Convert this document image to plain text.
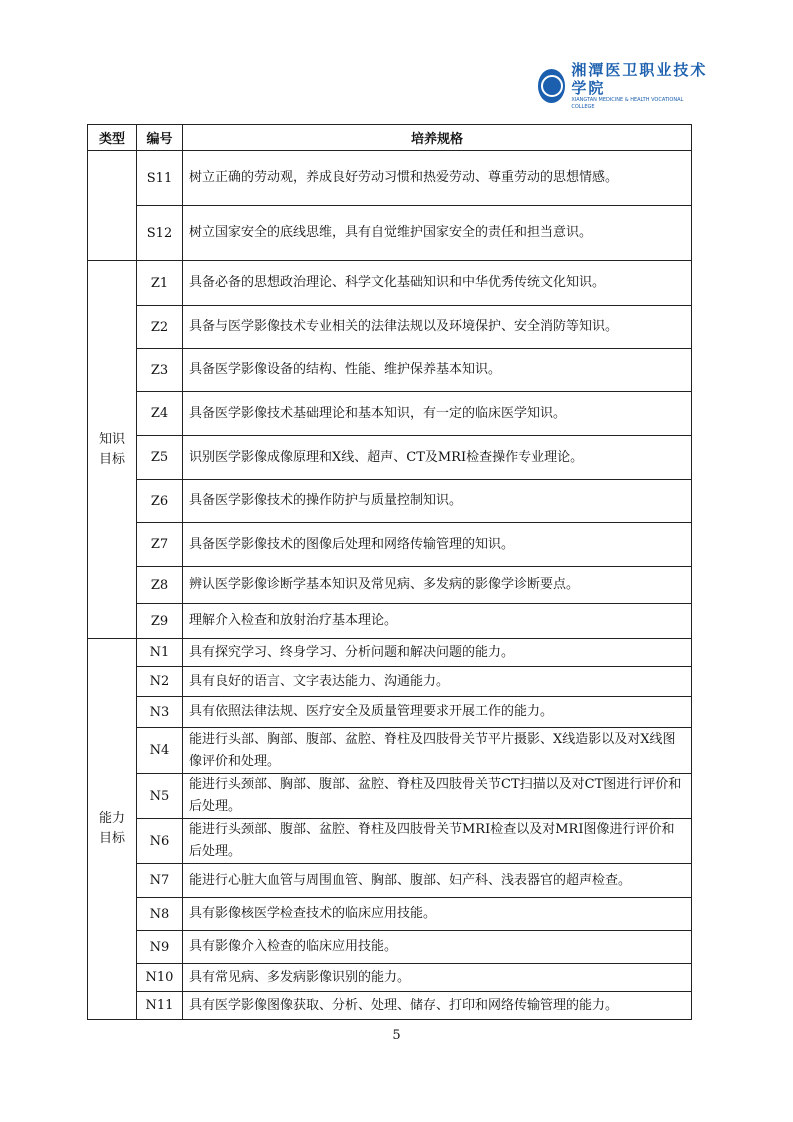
湘潭医卫职业技术学院
XIANGTAN MEDICINE & HEALTH VOCATIONAL COLLEGE
类型	编号	培养规格
	S11	树立正确的劳动观，养成良好劳动习惯和热爱劳动、尊重劳动的思想情感。
	S12	树立国家安全的底线思维，具有自觉维护国家安全的责任和担当意识。
知识
目标	Z1	具备必备的思想政治理论、科学文化基础知识和中华优秀传统文化知识。
	Z2	具备与医学影像技术专业相关的法律法规以及环境保护、安全消防等知识。
	Z3	具备医学影像设备的结构、性能、维护保养基本知识。
	Z4	具备医学影像技术基础理论和基本知识，有一定的临床医学知识。
	Z5	识别医学影像成像原理和X线、超声、CT及MRI检查操作专业理论。
	Z6	具备医学影像技术的操作防护与质量控制知识。
	Z7	具备医学影像技术的图像后处理和网络传输管理的知识。
	Z8	辨认医学影像诊断学基本知识及常见病、多发病的影像学诊断要点。
	Z9	理解介入检查和放射治疗基本理论。
能力
目标	N1	具有探究学习、终身学习、分析问题和解决问题的能力。
	N2	具有良好的语言、文字表达能力、沟通能力。
	N3	具有依照法律法规、医疗安全及质量管理要求开展工作的能力。
	N4	能进行头部、胸部、腹部、盆腔、脊柱及四肢骨关节平片摄影、X线造影以及对X线图像评价和处理。
	N5	能进行头颈部、胸部、腹部、盆腔、脊柱及四肢骨关节CT扫描以及对CT图进行评价和后处理。
	N6	能进行头颈部、腹部、盆腔、脊柱及四肢骨关节MRI检查以及对MRI图像进行评价和后处理。
	N7	能进行心脏大血管与周围血管、胸部、腹部、妇产科、浅表器官的超声检查。
	N8	具有影像核医学检查技术的临床应用技能。
	N9	具有影像介入检查的临床应用技能。
	N10	具有常见病、多发病影像识别的能力。
	N11	具有医学影像图像获取、分析、处理、储存、打印和网络传输管理的能力。
5
